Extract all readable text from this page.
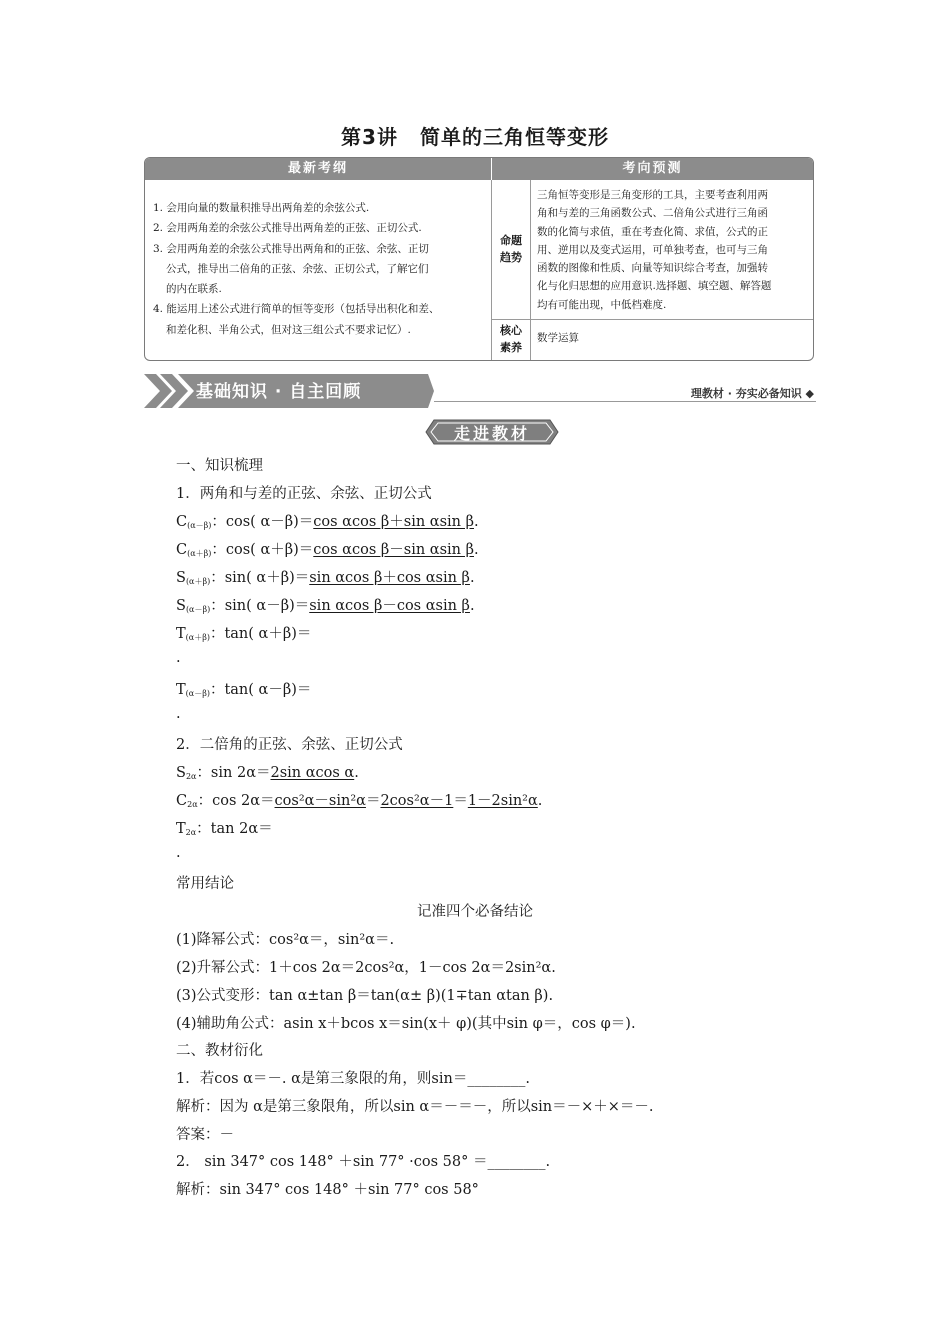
第3讲 简单的三角恒等变形
最新考纲	考向预测
1. 会用向量的数量积推导出两角差的余弦公式.
2. 会用两角差的余弦公式推导出两角差的正弦、正切公式.
3. 会用两角差的余弦公式推导出两角和的正弦、余弦、正切
公式，推导出二倍角的正弦、余弦、正切公式，了解它们
的内在联系.
4. 能运用上述公式进行简单的恒等变形（包括导出积化和差、
和差化积、半角公式，但对这三组公式不要求记忆）.
命题
趋势
三角恒等变形是三角变形的工具，主要考查利用两
角和与差的三角函数公式、二倍角公式进行三角函
数的化简与求值，重在考查化简、求值，公式的正
用、逆用以及变式运用，可单独考查，也可与三角
函数的图像和性质、向量等知识综合考查，加强转
化与化归思想的应用意识.选择题、填空题、解答题
均有可能出现，中低档难度.
核心
素养
数学运算
基础知识 · 自主回顾	理教材 · 夯实必备知识 ◆
走进教材
一、知识梳理
1．两角和与差的正弦、余弦、正切公式
$C_{(\alpha-\beta)}$：cos( α－β)＝cos αcos β＋sin αsin β.
$C_{(\alpha+\beta)}$：cos( α＋β)＝cos αcos β－sin αsin β.
$S_{(\alpha+\beta)}$：sin( α＋β)＝sin αcos β＋cos αsin β.
$S_{(\alpha-\beta)}$：sin( α－β)＝sin αcos β－cos αsin β.
$T_{(\alpha+\beta)}$：tan( α＋β)＝
.
$T_{(\alpha-\beta)}$：tan( α－β)＝
.
2．二倍角的正弦、余弦、正切公式
$S_{2\alpha}$：sin 2α＝2sin αcos α.
$C_{2\alpha}$：cos 2α＝cos²α－sin²α＝2cos²α－1＝1－2sin²α.
$T_{2\alpha}$：tan 2α＝
.
常用结论
记准四个必备结论
(1)降幂公式：cos²α＝，sin²α＝.
(2)升幂公式：1＋cos 2α＝2cos²α，1－cos 2α＝2sin²α.
(3)公式变形：tan α±tan β＝tan(α± β)(1∓tan αtan β).
(4)辅助角公式：asin x＋bcos x＝sin(x＋ φ)(其中sin φ＝，cos φ＝).
二、教材衍化
1．若cos α＝－. α是第三象限的角，则sin＝________.
解析：因为 α是第三象限角，所以sin α＝－＝－，所以sin＝－×＋×＝－.
答案：－
2． sin 347° cos 148° ＋sin 77° ·cos 58° ＝________.
解析：sin 347° cos 148° ＋sin 77° cos 58°
